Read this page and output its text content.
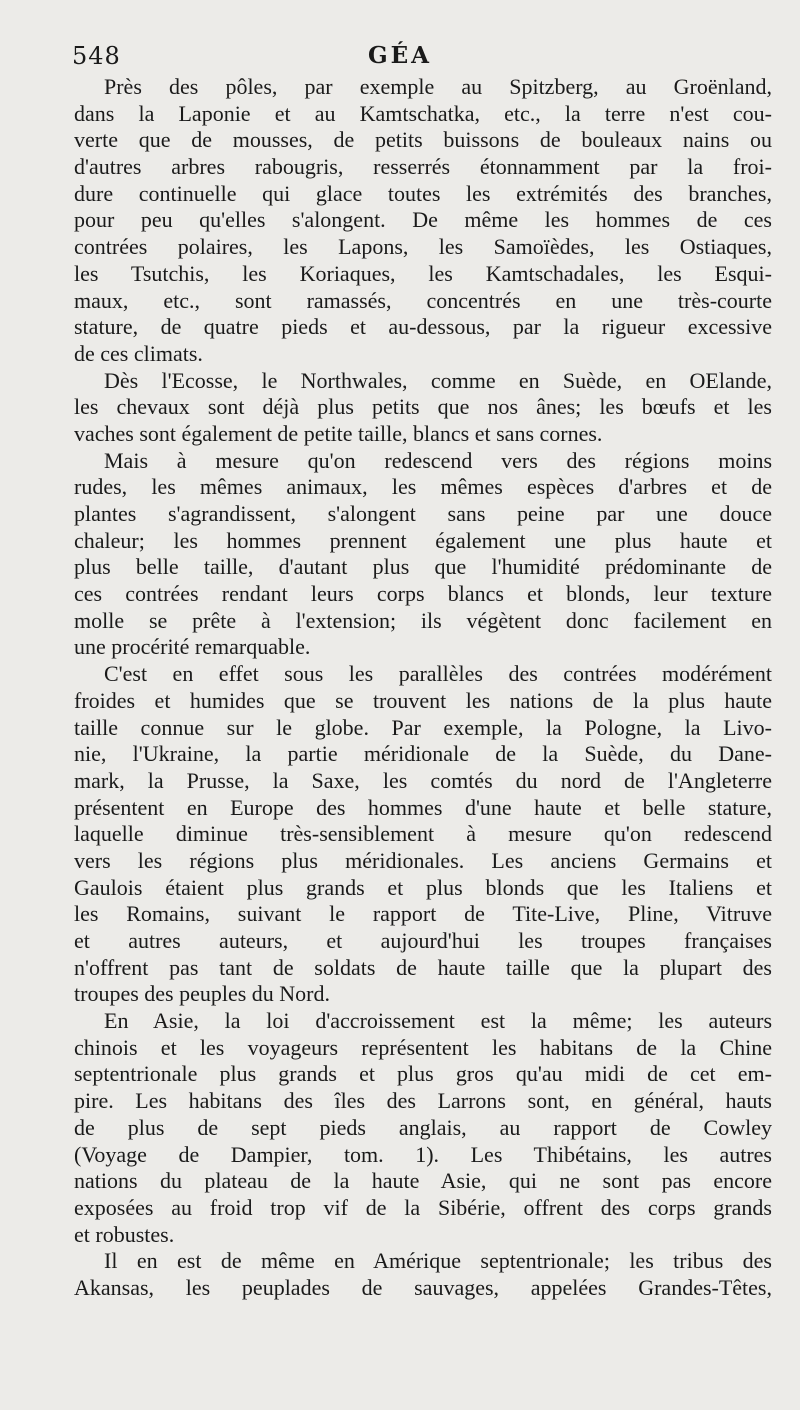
548	GÉA
Près des pôles, par exemple au Spitzberg, au Groënland,
dans la Laponie et au Kamtschatka, etc., la terre n'est cou-
verte que de mousses, de petits buissons de bouleaux nains ou
d'autres arbres rabougris, resserrés étonnamment par la froi-
dure continuelle qui glace toutes les extrémités des branches,
pour peu qu'elles s'alongent. De même les hommes de ces
contrées polaires, les Lapons, les Samoïèdes, les Ostiaques,
les Tsutchis, les Koriaques, les Kamtschadales, les Esqui-
maux, etc., sont ramassés, concentrés en une très-courte
stature, de quatre pieds et au-dessous, par la rigueur excessive
de ces climats.
Dès l'Ecosse, le Northwales, comme en Suède, en OElande,
les chevaux sont déjà plus petits que nos ânes; les bœufs et les
vaches sont également de petite taille, blancs et sans cornes.
Mais à mesure qu'on redescend vers des régions moins
rudes, les mêmes animaux, les mêmes espèces d'arbres et de
plantes s'agrandissent, s'alongent sans peine par une douce
chaleur; les hommes prennent également une plus haute et
plus belle taille, d'autant plus que l'humidité prédominante de
ces contrées rendant leurs corps blancs et blonds, leur texture
molle se prête à l'extension; ils végètent donc facilement en
une procérité remarquable.
C'est en effet sous les parallèles des contrées modérément
froides et humides que se trouvent les nations de la plus haute
taille connue sur le globe. Par exemple, la Pologne, la Livo-
nie, l'Ukraine, la partie méridionale de la Suède, du Dane-
mark, la Prusse, la Saxe, les comtés du nord de l'Angleterre
présentent en Europe des hommes d'une haute et belle stature,
laquelle diminue très-sensiblement à mesure qu'on redescend
vers les régions plus méridionales. Les anciens Germains et
Gaulois étaient plus grands et plus blonds que les Italiens et
les Romains, suivant le rapport de Tite-Live, Pline, Vitruve
et autres auteurs, et aujourd'hui les troupes françaises
n'offrent pas tant de soldats de haute taille que la plupart des
troupes des peuples du Nord.
En Asie, la loi d'accroissement est la même; les auteurs
chinois et les voyageurs représentent les habitans de la Chine
septentrionale plus grands et plus gros qu'au midi de cet em-
pire. Les habitans des îles des Larrons sont, en général, hauts
de plus de sept pieds anglais, au rapport de Cowley
(Voyage de Dampier, tom. 1). Les Thibétains, les autres
nations du plateau de la haute Asie, qui ne sont pas encore
exposées au froid trop vif de la Sibérie, offrent des corps grands
et robustes.
Il en est de même en Amérique septentrionale; les tribus des
Akansas, les peuplades de sauvages, appelées Grandes-Têtes,
